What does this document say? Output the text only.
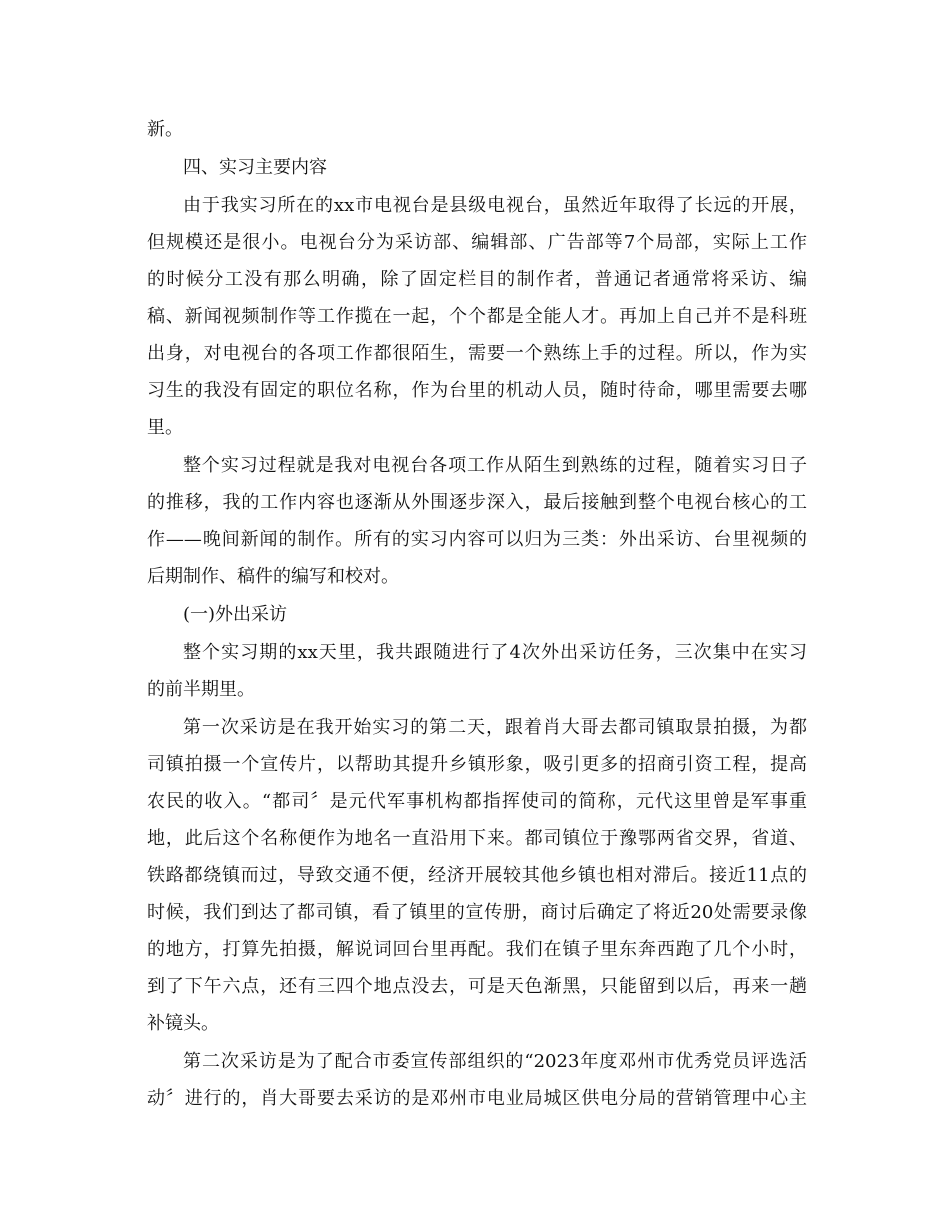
新。

四、实习主要内容

由于我实习所在的xx市电视台是县级电视台，虽然近年取得了长远的开展，

但规模还是很小。电视台分为采访部、编辑部、广告部等7个局部，实际上工作

的时候分工没有那么明确，除了固定栏目的制作者，普通记者通常将采访、编

稿、新闻视频制作等工作揽在一起，个个都是全能人才。再加上自己并不是科班

出身，对电视台的各项工作都很陌生，需要一个熟练上手的过程。所以，作为实

习生的我没有固定的职位名称，作为台里的机动人员，随时待命，哪里需要去哪

里。

整个实习过程就是我对电视台各项工作从陌生到熟练的过程，随着实习日子

的推移，我的工作内容也逐渐从外围逐步深入，最后接触到整个电视台核心的工

作——晚间新闻的制作。所有的实习内容可以归为三类：外出采访、台里视频的

后期制作、稿件的编写和校对。

(一)外出采访

整个实习期的xx天里，我共跟随进行了4次外出采访任务，三次集中在实习

的前半期里。

第一次采访是在我开始实习的第二天，跟着肖大哥去都司镇取景拍摄，为都

司镇拍摄一个宣传片，以帮助其提升乡镇形象，吸引更多的招商引资工程，提高

农民的收入。“都司〞是元代军事机构都指挥使司的简称，元代这里曾是军事重

地，此后这个名称便作为地名一直沿用下来。都司镇位于豫鄂两省交界，省道、

铁路都绕镇而过，导致交通不便，经济开展较其他乡镇也相对滞后。接近11点的

时候，我们到达了都司镇，看了镇里的宣传册，商讨后确定了将近20处需要录像

的地方，打算先拍摄，解说词回台里再配。我们在镇子里东奔西跑了几个小时，

到了下午六点，还有三四个地点没去，可是天色渐黑，只能留到以后，再来一趟

补镜头。

第二次采访是为了配合市委宣传部组织的“2023年度邓州市优秀党员评选活

动〞进行的，肖大哥要去采访的是邓州市电业局城区供电分局的营销管理中心主
